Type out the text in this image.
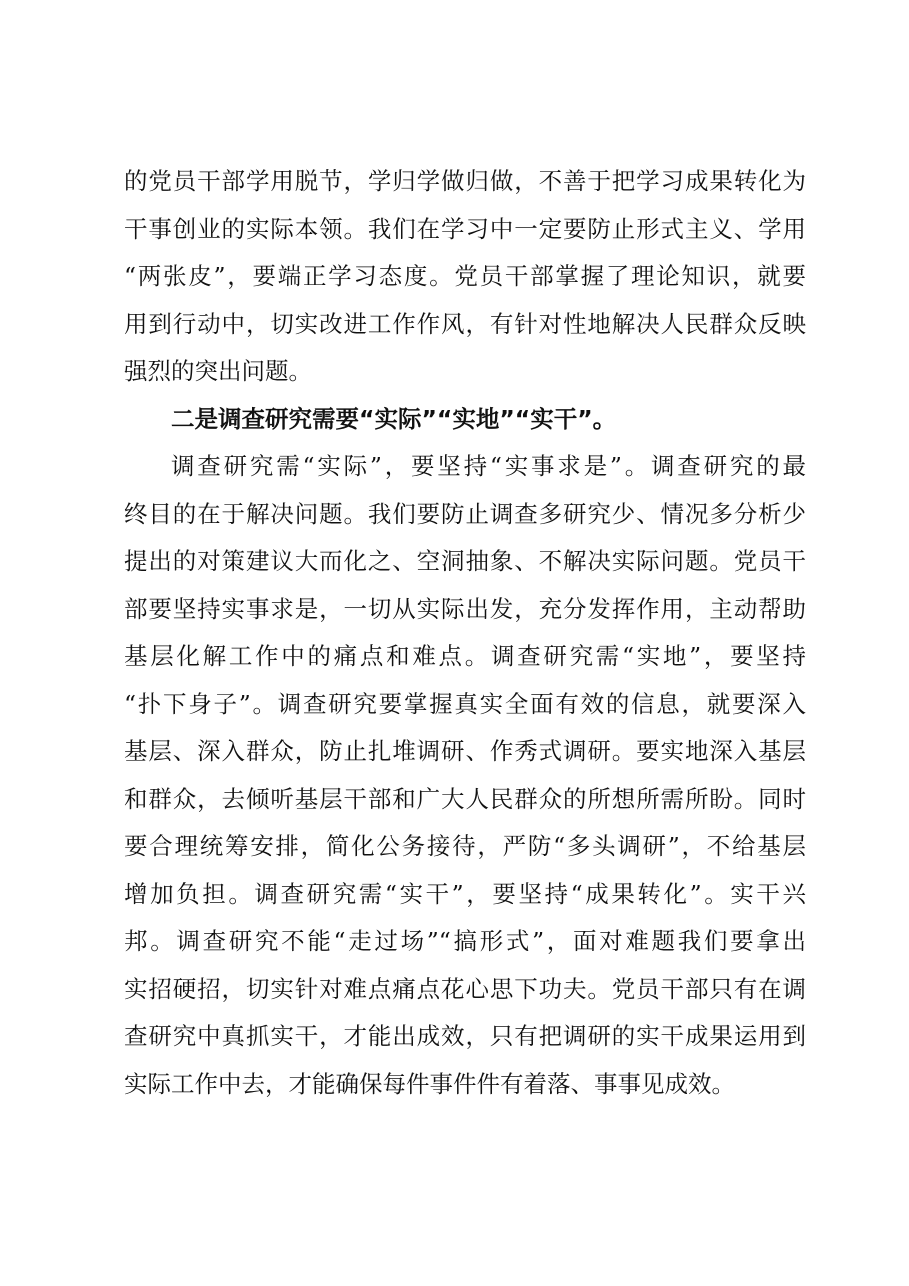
的党员干部学用脱节，学归学做归做，不善于把学习成果转化为
干事创业的实际本领。我们在学习中一定要防止形式主义、学用
“两张皮”，要端正学习态度。党员干部掌握了理论知识，就要
用到行动中，切实改进工作作风，有针对性地解决人民群众反映
强烈的突出问题。
二是调查研究需要“实际”“实地”“实干”。
调查研究需“实际”，要坚持“实事求是”。调查研究的最
终目的在于解决问题。我们要防止调查多研究少、情况多分析少
提出的对策建议大而化之、空洞抽象、不解决实际问题。党员干
部要坚持实事求是，一切从实际出发，充分发挥作用，主动帮助
基层化解工作中的痛点和难点。调查研究需“实地”，要坚持
“扑下身子”。调查研究要掌握真实全面有效的信息，就要深入
基层、深入群众，防止扎堆调研、作秀式调研。要实地深入基层
和群众，去倾听基层干部和广大人民群众的所想所需所盼。同时
要合理统筹安排，简化公务接待，严防“多头调研”，不给基层
增加负担。调查研究需“实干”，要坚持“成果转化”。实干兴
邦。调查研究不能“走过场”“搞形式”，面对难题我们要拿出
实招硬招，切实针对难点痛点花心思下功夫。党员干部只有在调
查研究中真抓实干，才能出成效，只有把调研的实干成果运用到
实际工作中去，才能确保每件事件件有着落、事事见成效。
